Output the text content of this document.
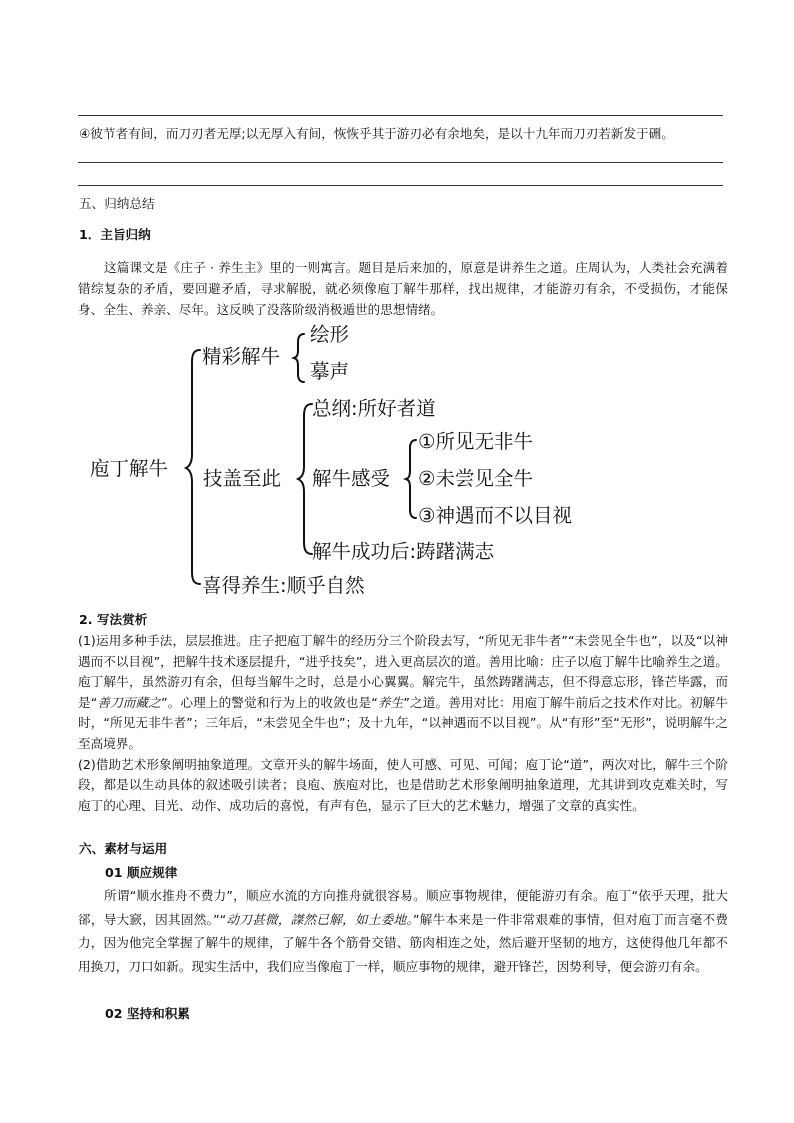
④彼节者有间，而刀刃者无厚;以无厚入有间，恢恢乎其于游刃必有余地矣，是以十九年而刀刃若新发于硎。
五、归纳总结
1．主旨归纳

这篇课文是《庄子 · 养生主》里的一则寓言。题目是后来加的，原意是讲养生之道。庄周认为，人类社会充满着错综复杂的矛盾，要回避矛盾，寻求解脱，就必须像庖丁解牛那样，找出规律，才能游刃有余，不受损伤，才能保身、全生、养亲、尽年。这反映了没落阶级消极遁世的思想情绪。

庖丁解牛
精彩解牛
绘形
摹声
技盖至此
总纲:所好者道
解牛感受
①所见无非牛
②未尝见全牛
③神遇而不以目视
解牛成功后:踌躇满志
喜得养生:顺乎自然
2. 写法赏析

(1)运用多种手法，层层推进。庄子把庖丁解牛的经历分三个阶段去写，“所见无非牛者”“未尝见全牛也”，以及“以神遇而不以目视”，把解牛技术逐层提升，“进乎技矣”，进入更高层次的道。善用比喻：庄子以庖丁解牛比喻养生之道。庖丁解牛，虽然游刃有余，但每当解牛之时，总是小心翼翼。解完牛，虽然踌躇满志，但不得意忘形，锋芒毕露，而是“善刀而藏之”。心理上的警觉和行为上的收敛也是“养生”之道。善用对比：用庖丁解牛前后之技术作对比。初解牛时，“所见无非牛者”；三年后，“未尝见全牛也”；及十九年，“以神遇而不以目视”。从“有形”至“无形”，说明解牛之至高境界。

(2)借助艺术形象阐明抽象道理。文章开头的解牛场面，使人可感、可见、可闻；庖丁论“道”，两次对比，解牛三个阶段，都是以生动具体的叙述吸引读者；良庖、族庖对比，也是借助艺术形象阐明抽象道理，尤其讲到攻克难关时，写庖丁的心理、目光、动作、成功后的喜悦，有声有色，显示了巨大的艺术魅力，增强了文章的真实性。

六、素材与运用
01 顺应规律

所谓“顺水推舟不费力”，顺应水流的方向推舟就很容易。顺应事物规律，便能游刃有余。庖丁“依乎天理，批大郤，导大窾，因其固然。”“动刀甚微，謋然已解，如土委地。”解牛本来是一件非常艰难的事情，但对庖丁而言毫不费力，因为他完全掌握了解牛的规律，了解牛各个筋骨交错、筋肉相连之处，然后避开坚韧的地方，这使得他几年都不用换刀，刀口如新。现实生活中，我们应当像庖丁一样，顺应事物的规律，避开锋芒，因势利导，便会游刃有余。

02 坚持和积累
